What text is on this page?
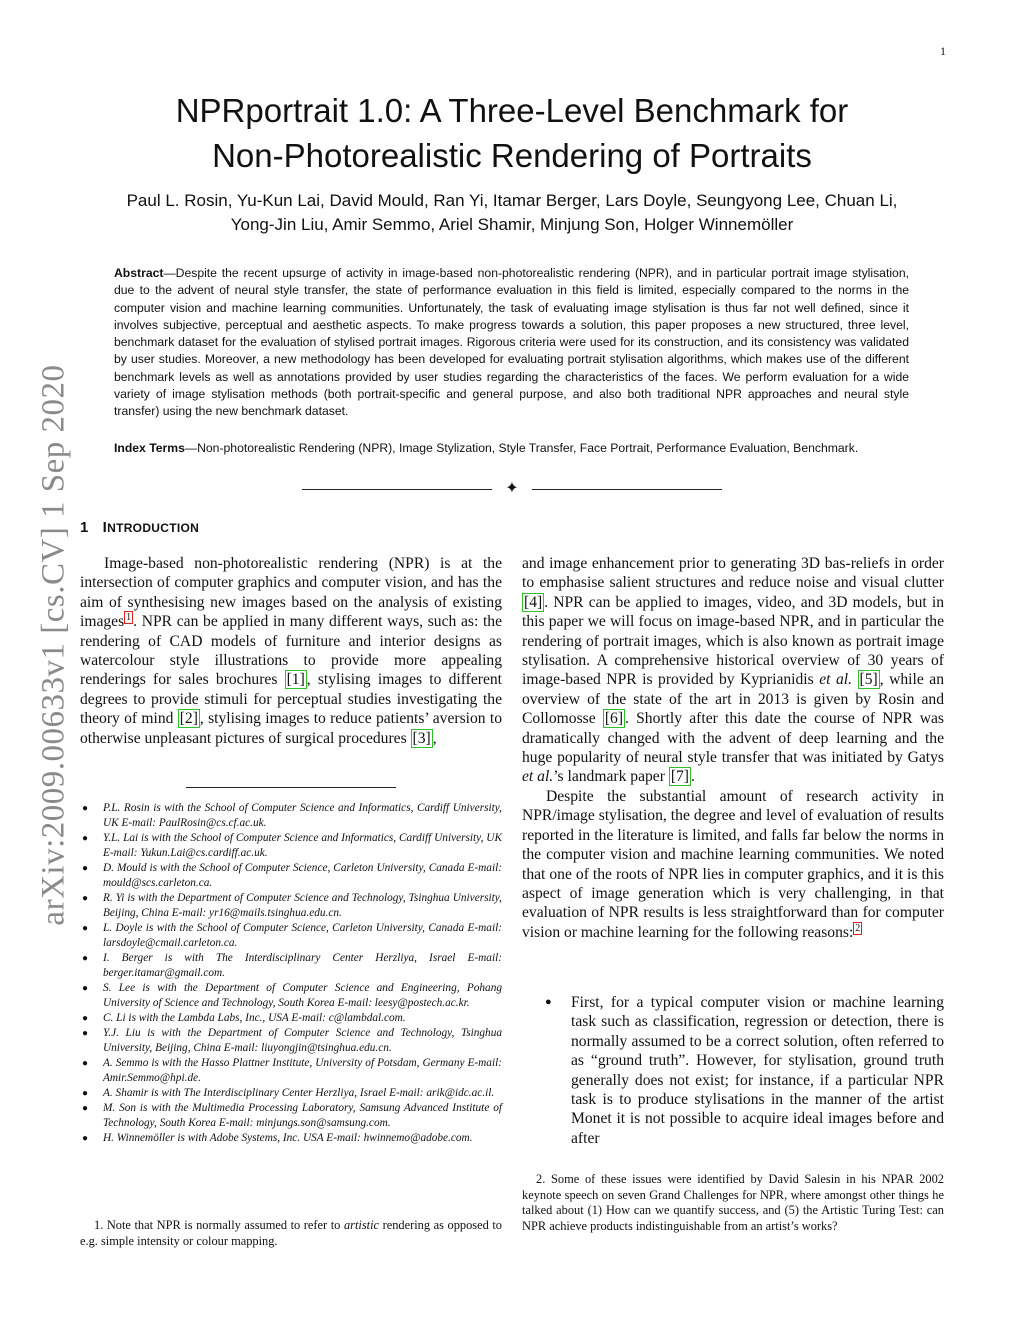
1
arXiv:2009.00633v1 [cs.CV] 1 Sep 2020
NPRportrait 1.0: A Three-Level Benchmark for
Non-Photorealistic Rendering of Portraits
Paul L. Rosin, Yu-Kun Lai, David Mould, Ran Yi, Itamar Berger, Lars Doyle, Seungyong Lee, Chuan Li,
Yong-Jin Liu, Amir Semmo, Ariel Shamir, Minjung Son, Holger Winnemöller
Abstract—Despite the recent upsurge of activity in image-based non-photorealistic rendering (NPR), and in particular portrait image stylisation, due to the advent of neural style transfer, the state of performance evaluation in this field is limited, especially compared to the norms in the computer vision and machine learning communities. Unfortunately, the task of evaluating image stylisation is thus far not well defined, since it involves subjective, perceptual and aesthetic aspects. To make progress towards a solution, this paper proposes a new structured, three level, benchmark dataset for the evaluation of stylised portrait images. Rigorous criteria were used for its construction, and its consistency was validated by user studies. Moreover, a new methodology has been developed for evaluating portrait stylisation algorithms, which makes use of the different benchmark levels as well as annotations provided by user studies regarding the characteristics of the faces. We perform evaluation for a wide variety of image stylisation methods (both portrait-specific and general purpose, and also both traditional NPR approaches and neural style transfer) using the new benchmark dataset.
Index Terms—Non-photorealistic Rendering (NPR), Image Stylization, Style Transfer, Face Portrait, Performance Evaluation, Benchmark.
✦
1 INTRODUCTION

Image-based non-photorealistic rendering (NPR) is at the intersection of computer graphics and computer vision, and has the aim of synthesising new images based on the analysis of existing images $^1$ . NPR can be applied in many different ways, such as: the rendering of CAD models of furniture and interior designs as watercolour style illustrations to provide more appealing renderings for sales brochures [1] , stylising images to different degrees to provide stimuli for perceptual studies investigating the theory of mind [2] , stylising images to reduce patients’ aversion to otherwise unpleasant pictures of surgical procedures [3] ,

● P.L. Rosin is with the School of Computer Science and Informatics, Cardiff University, UK E-mail: PaulRosin@cs.cf.ac.uk.
● Y.L. Lai is with the School of Computer Science and Informatics, Cardiff University, UK E-mail: Yukun.Lai@cs.cardiff.ac.uk.
● D. Mould is with the School of Computer Science, Carleton University, Canada E-mail: mould@scs.carleton.ca.
● R. Yi is with the Department of Computer Science and Technology, Tsinghua University, Beijing, China E-mail: yr16@mails.tsinghua.edu.cn.
● L. Doyle is with the School of Computer Science, Carleton University, Canada E-mail: larsdoyle@cmail.carleton.ca.
● I. Berger is with The Interdisciplinary Center Herzliya, Israel E-mail: berger.itamar@gmail.com.
● S. Lee is with the Department of Computer Science and Engineering, Pohang University of Science and Technology, South Korea E-mail: leesy@postech.ac.kr.
● C. Li is with the Lambda Labs, Inc., USA E-mail: c@lambdal.com.
● Y.J. Liu is with the Department of Computer Science and Technology, Tsinghua University, Beijing, China E-mail: liuyongjin@tsinghua.edu.cn.
● A. Semmo is with the Hasso Plattner Institute, University of Potsdam, Germany E-mail: Amir.Semmo@hpi.de.
● A. Shamir is with The Interdisciplinary Center Herzliya, Israel E-mail: arik@idc.ac.il.
● M. Son is with the Multimedia Processing Laboratory, Samsung Advanced Institute of Technology, South Korea E-mail: minjungs.son@samsung.com.
● H. Winnemöller is with Adobe Systems, Inc. USA E-mail: hwinnemo@adobe.com.
1. Note that NPR is normally assumed to refer to artistic rendering as opposed to e.g. simple intensity or colour mapping.

and image enhancement prior to generating 3D bas-reliefs in order to emphasise salient structures and reduce noise and visual clutter [4] . NPR can be applied to images, video, and 3D models, but in this paper we will focus on image-based NPR, and in particular the rendering of portrait images, which is also known as portrait image stylisation. A comprehensive historical overview of 30 years of image-based NPR is provided by Kyprianidis et al. [5] , while an overview of the state of the art in 2013 is given by Rosin and Collomosse [6] . Shortly after this date the course of NPR was dramatically changed with the advent of deep learning and the huge popularity of neural style transfer that was initiated by Gatys et al.’s landmark paper [7] .

Despite the substantial amount of research activity in NPR/image stylisation, the degree and level of evaluation of results reported in the literature is limited, and falls far below the norms in the computer vision and machine learning communities. We noted that one of the roots of NPR lies in computer graphics, and it is this aspect of image generation which is very challenging, in that evaluation of NPR results is less straightforward than for computer vision or machine learning for the following reasons: $^2$

● First, for a typical computer vision or machine learning task such as classification, regression or detection, there is normally assumed to be a correct solution, often referred to as “ground truth”. However, for stylisation, ground truth generally does not exist; for instance, if a particular NPR task is to produce stylisations in the manner of the artist Monet it is not possible to acquire ideal images before and after
2. Some of these issues were identified by David Salesin in his NPAR 2002 keynote speech on seven Grand Challenges for NPR, where amongst other things he talked about (1) How can we quantify success, and (5) the Artistic Turing Test: can NPR achieve products indistinguishable from an artist’s works?
